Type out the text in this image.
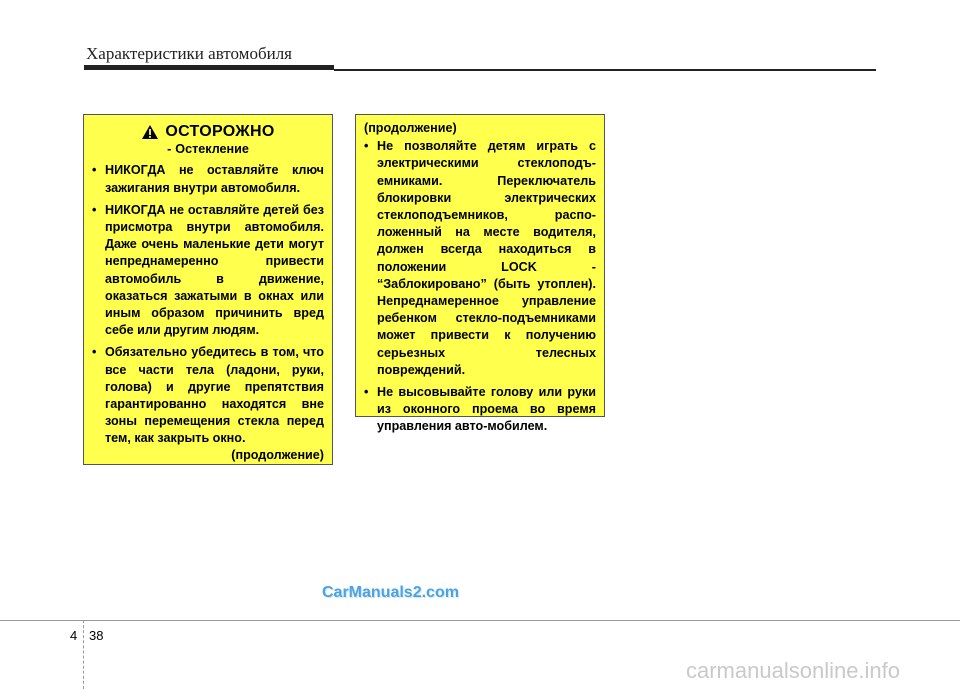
Характеристики автомобиля
ОСТОРОЖНО
- Остекление
• НИКОГДА не оставляйте ключ зажигания внутри автомобиля.
• НИКОГДА не оставляйте детей без присмотра внутри автомобиля. Даже очень маленькие дети могут непреднамеренно привести автомобиль в движение, оказаться зажатыми в окнах или иным образом причинить вред себе или другим людям.
• Обязательно убедитесь в том, что все части тела (ладони, руки, голова) и другие препятствия гарантированно находятся вне зоны перемещения стекла перед тем, как закрыть окно.
(продолжение)
(продолжение)
• Не позволяйте детям играть с электрическими стеклоподъ-емниками. Переключатель блокировки электрических стеклоподъемников, распо-ложенный на месте водителя, должен всегда находиться в положении LOCK - “Заблокировано” (быть утоплен). Непреднамеренное управление ребенком стекло-подъемниками может привести к получению серьезных телесных повреждений.
• Не высовывайте голову или руки из оконного проема во время управления авто-мобилем.
CarManuals2.com
4 38
carmanualsonline.info
